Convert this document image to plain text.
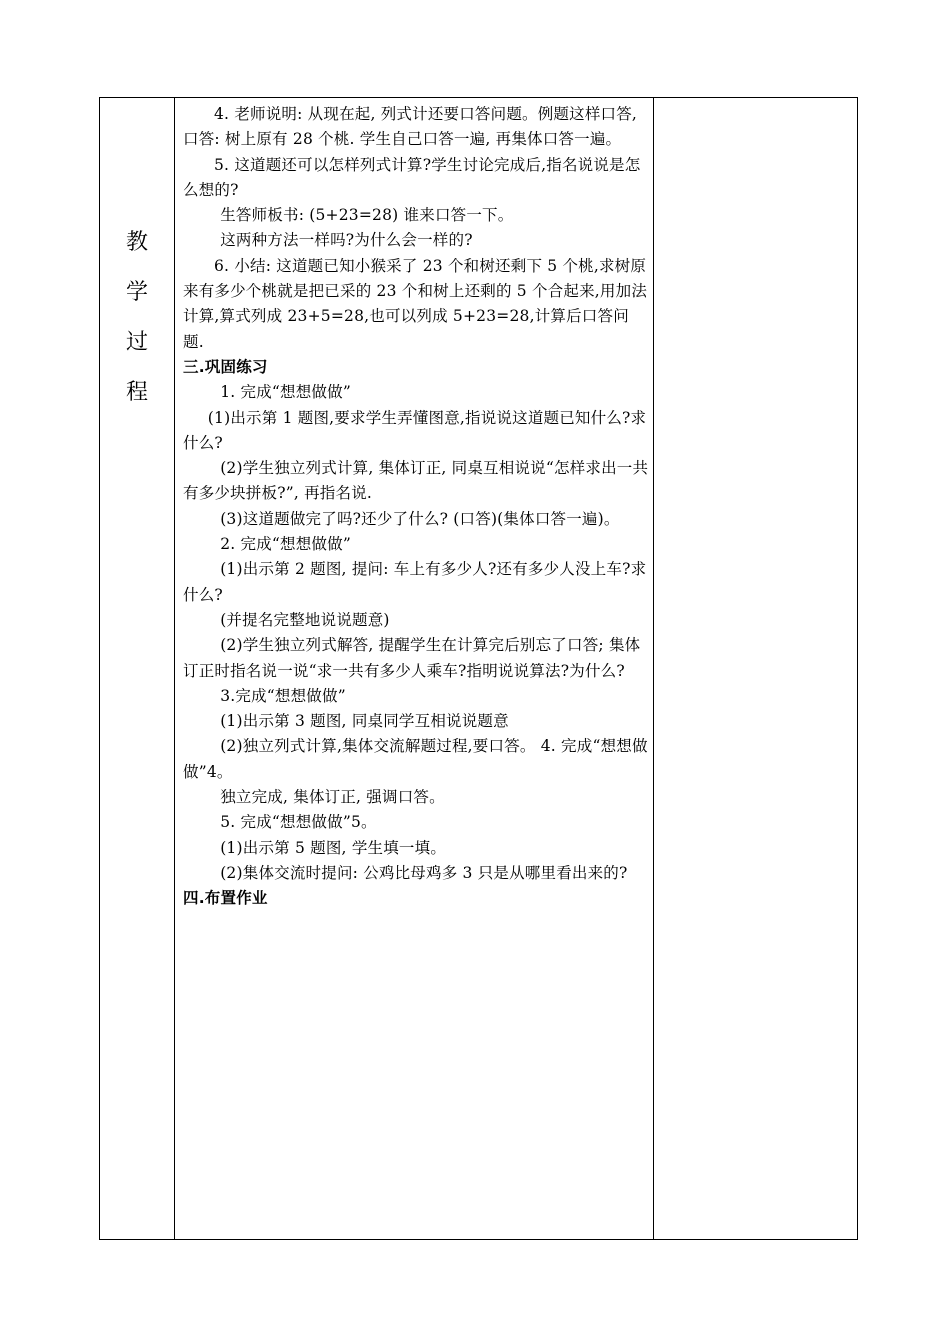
教
学
过
程

4. 老师说明: 从现在起, 列式计还要口答问题。例题这样口答, 口答: 树上原有 28 个桃. 学生自己口答一遍, 再集体口答一遍。

5. 这道题还可以怎样列式计算?学生讨论完成后,指名说说是怎么想的?

生答师板书: (5+23=28) 谁来口答一下。

这两种方法一样吗?为什么会一样的?

6. 小结: 这道题已知小猴采了 23 个和树还剩下 5 个桃,求树原来有多少个桃就是把已采的 23 个和树上还剩的 5 个合起来,用加法计算,算式列成 23+5=28,也可以列成 5+23=28,计算后口答问题.

三.巩固练习

1. 完成“想想做做”

(1)出示第 1 题图,要求学生弄懂图意,指说说这道题已知什么?求什么?

(2)学生独立列式计算, 集体订正, 同桌互相说说“怎样求出一共有多少块拼板?”, 再指名说.

(3)这道题做完了吗?还少了什么? (口答)(集体口答一遍)。

2. 完成“想想做做”

(1)出示第 2 题图, 提问: 车上有多少人?还有多少人没上车?求什么?

(并提名完整地说说题意)

(2)学生独立列式解答, 提醒学生在计算完后别忘了口答; 集体订正时指名说一说“求一共有多少人乘车?指明说说算法?为什么?

3.完成“想想做做”

(1)出示第 3 题图, 同桌同学互相说说题意

(2)独立列式计算,集体交流解题过程,要口答。 4. 完成“想想做做”4。

独立完成, 集体订正, 强调口答。

5. 完成“想想做做”5。

(1)出示第 5 题图, 学生填一填。

(2)集体交流时提问: 公鸡比母鸡多 3 只是从哪里看出来的?

四.布置作业
